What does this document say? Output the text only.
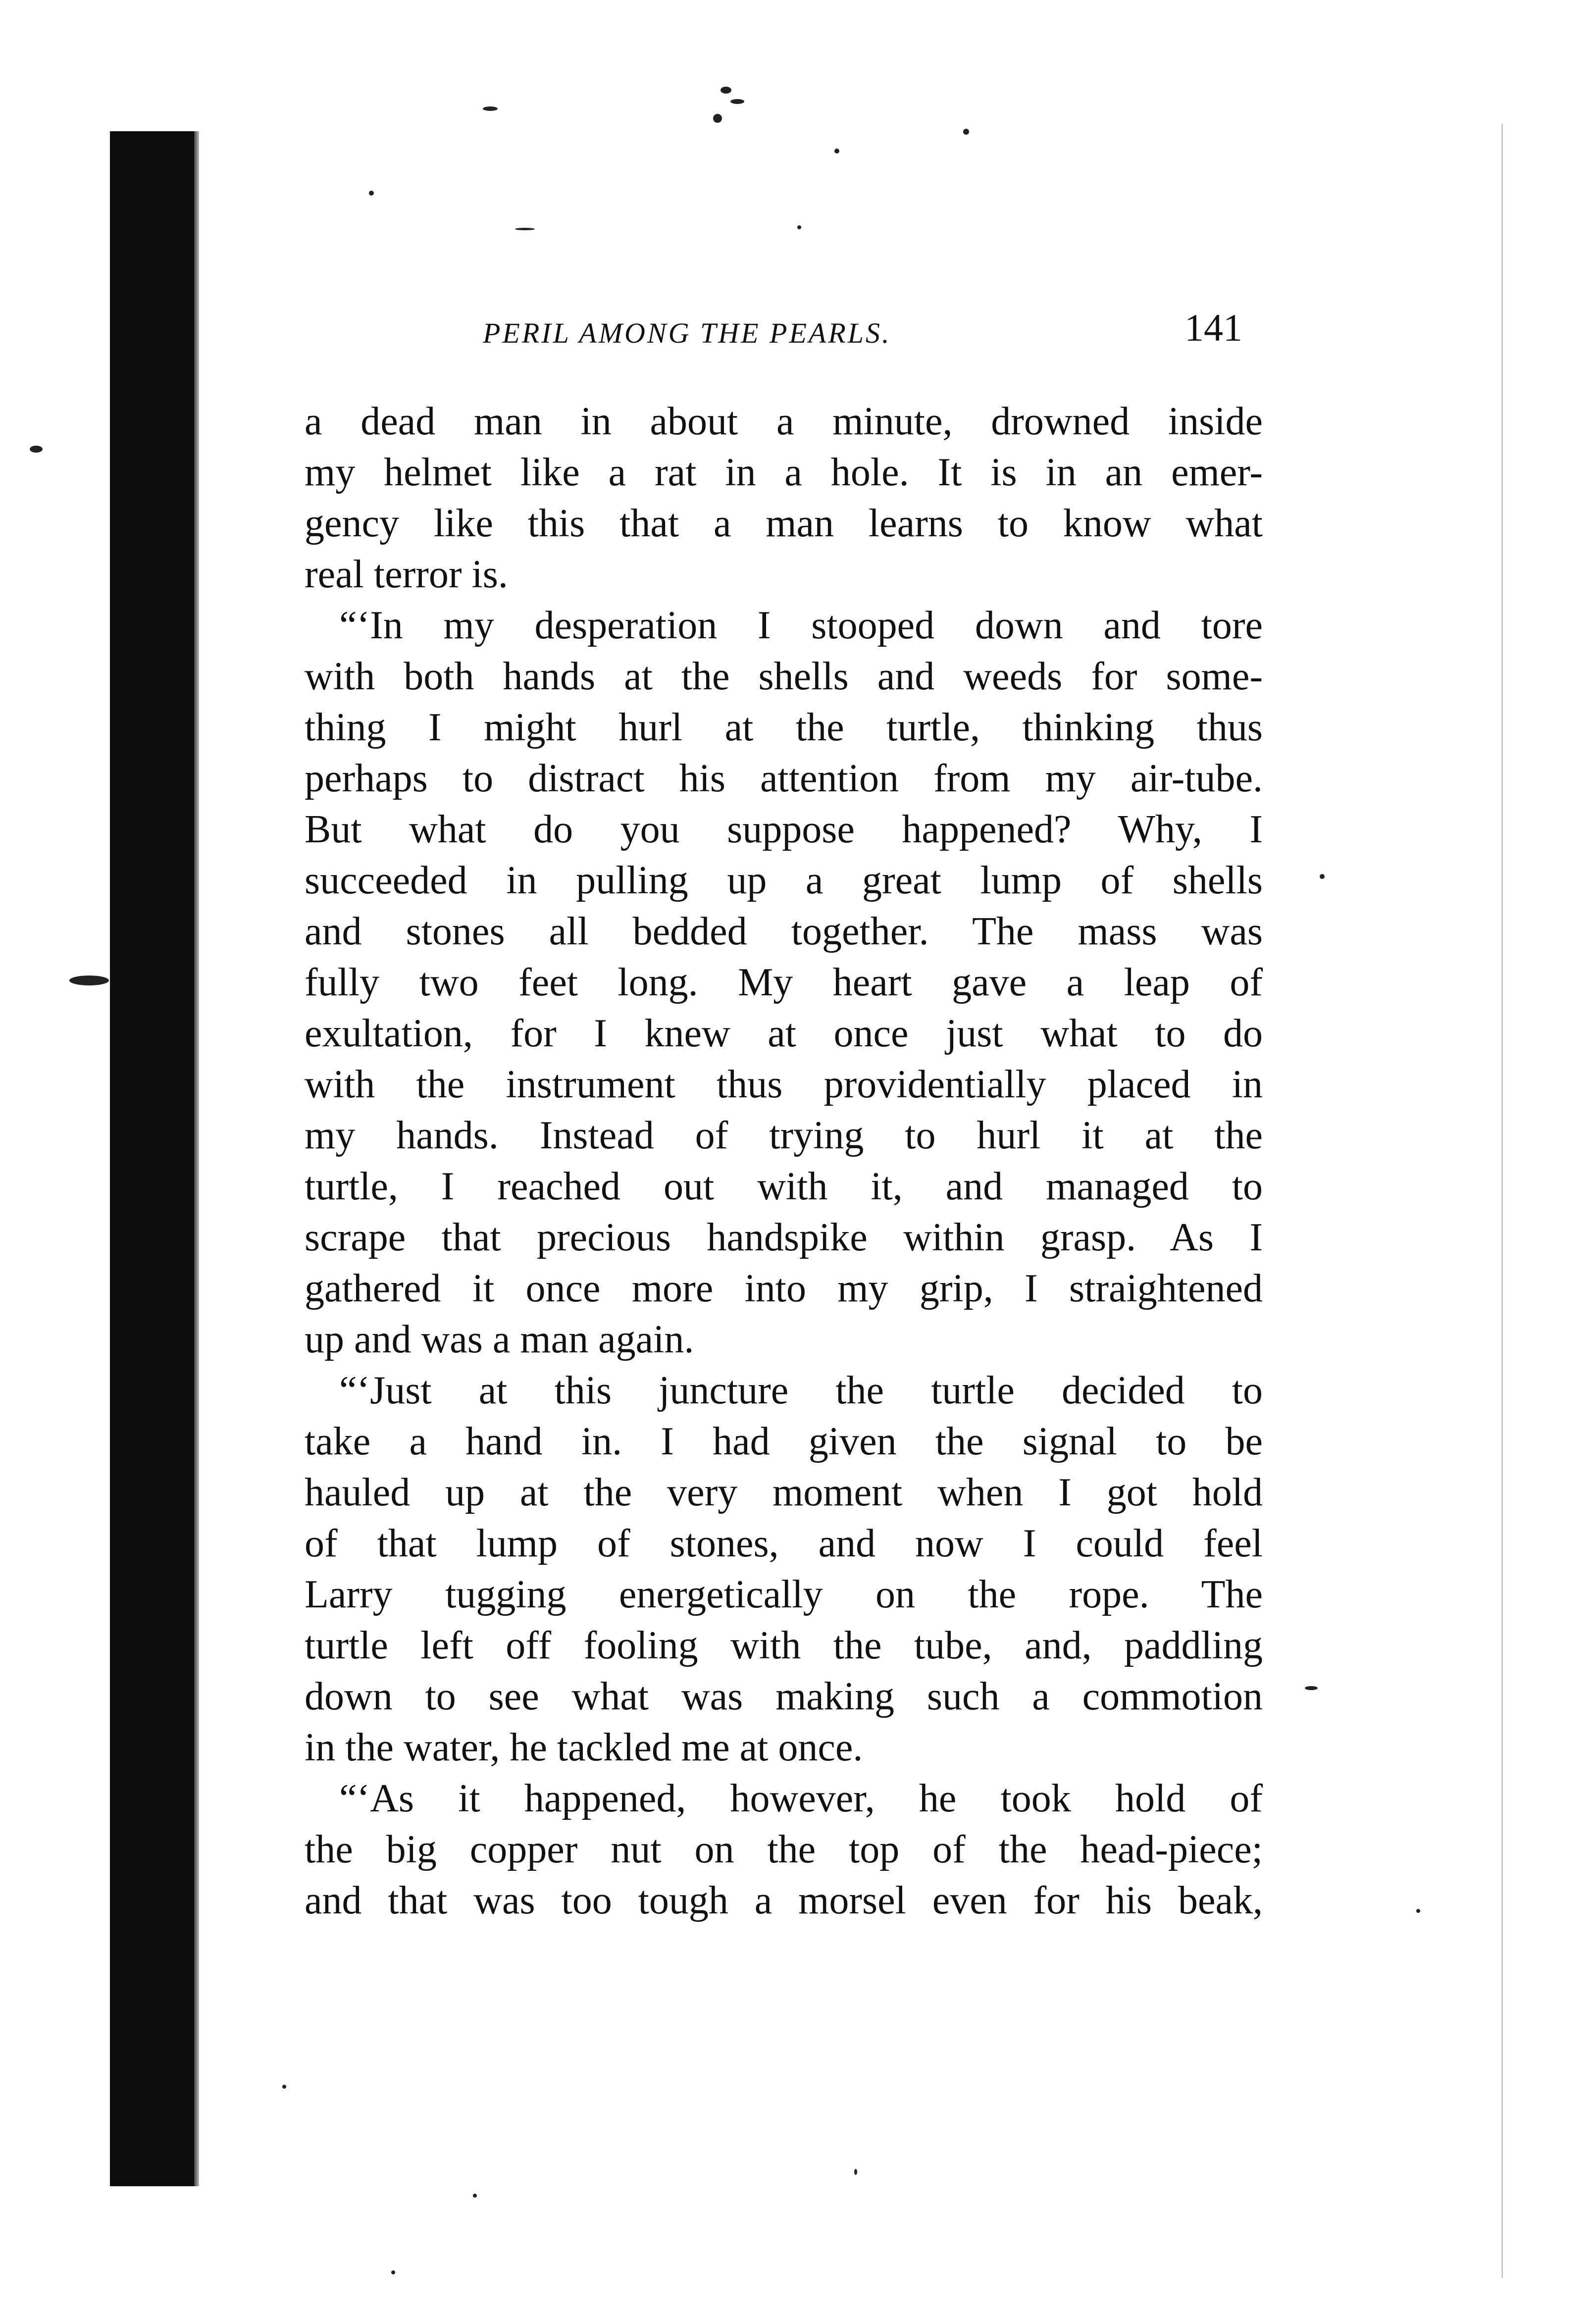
PERIL AMONG THE PEARLS.	141
a dead man in about a minute, drowned inside
my helmet like a rat in a hole. It is in an emer-
gency like this that a man learns to know what
real terror is.
“‘In my desperation I stooped down and tore
with both hands at the shells and weeds for some-
thing I might hurl at the turtle, thinking thus
perhaps to distract his attention from my air-tube.
But what do you suppose happened? Why, I
succeeded in pulling up a great lump of shells
and stones all bedded together. The mass was
fully two feet long. My heart gave a leap of
exultation, for I knew at once just what to do
with the instrument thus providentially placed in
my hands. Instead of trying to hurl it at the
turtle, I reached out with it, and managed to
scrape that precious handspike within grasp. As I
gathered it once more into my grip, I straightened
up and was a man again.
“‘Just at this juncture the turtle decided to
take a hand in. I had given the signal to be
hauled up at the very moment when I got hold
of that lump of stones, and now I could feel
Larry tugging energetically on the rope. The
turtle left off fooling with the tube, and, paddling
down to see what was making such a commotion
in the water, he tackled me at once.
“‘As it happened, however, he took hold of
the big copper nut on the top of the head-piece;
and that was too tough a morsel even for his beak,
